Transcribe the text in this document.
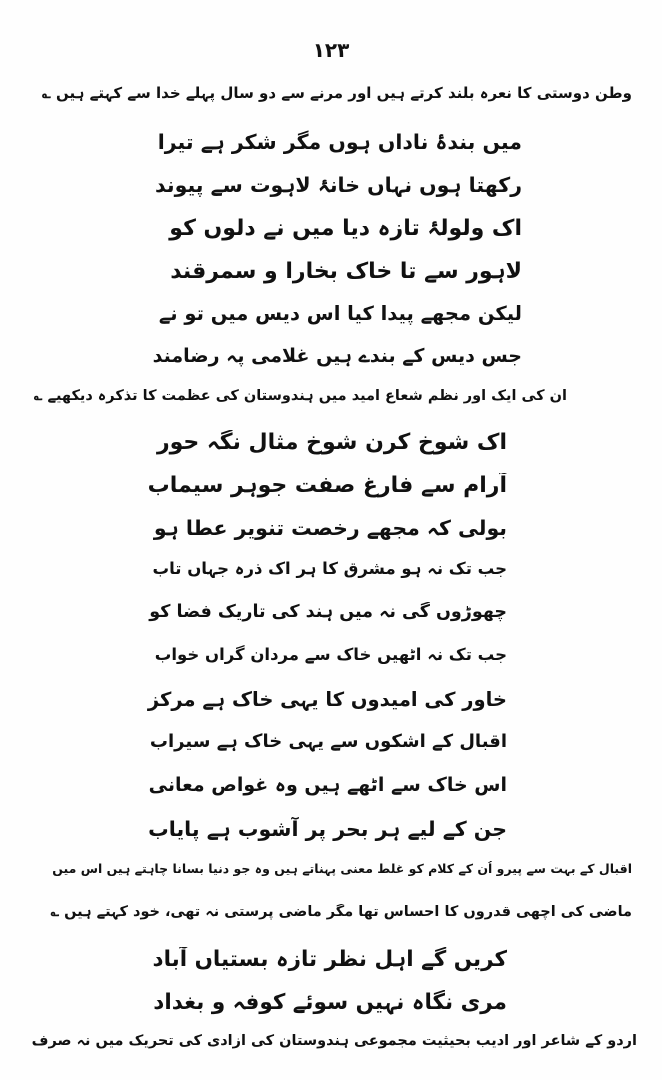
۱۲۳
وطن دوستی کا نعرہ بلند کرتے ہیں اور مرنے سے دو سال پہلے خدا سے کہتے ہیں ؎
میں بندۂ ناداں ہوں مگر شکر ہے تیرا
رکھتا ہوں نہاں خانۂ لاہوت سے پیوند
اک ولولۂ تازہ دیا میں نے دلوں کو
لاہور سے تا خاک بخارا و سمرقند
لیکن مجھے پیدا کیا اس دیس میں تو نے
جس دیس کے بندے ہیں غلامی پہ رضامند
ان کی ایک اور نظم شعاع امید میں ہندوستان کی عظمت کا تذکرہ دیکھیے ؎
اک شوخ کرن شوخ مثال نگہ حور
آرام سے فارغ صفت جوہر سیماب
بولی کہ مجھے رخصت تنویر عطا ہو
جب تک نہ ہو مشرق کا ہر اک ذرہ جہاں تاب
چھوڑوں گی نہ میں ہند کی تاریک فضا کو
جب تک نہ اٹھیں خاک سے مردان گراں خواب
خاور کی امیدوں کا یہی خاک ہے مرکز
اقبال کے اشکوں سے یہی خاک ہے سیراب
اس خاک سے اٹھے ہیں وہ غواص معانی
جن کے لیے ہر بحر پر آشوب ہے پایاب
اقبال کے بہت سے پیرو اُن کے کلام کو غلط معنی پہناتے ہیں وہ جو دنیا بسانا چاہتے ہیں اس میں
ماضی کی اچھی قدروں کا احساس تھا مگر ماضی پرستی نہ تھی، خود کہتے ہیں ؎
کریں گے اہل نظر تازہ بستیاں آباد
مری نگاہ نہیں سوئے کوفہ و بغداد
اردو کے شاعر اور ادیب بحیثیت مجموعی ہندوستان کی آزادی کی تحریک میں نہ صرف
